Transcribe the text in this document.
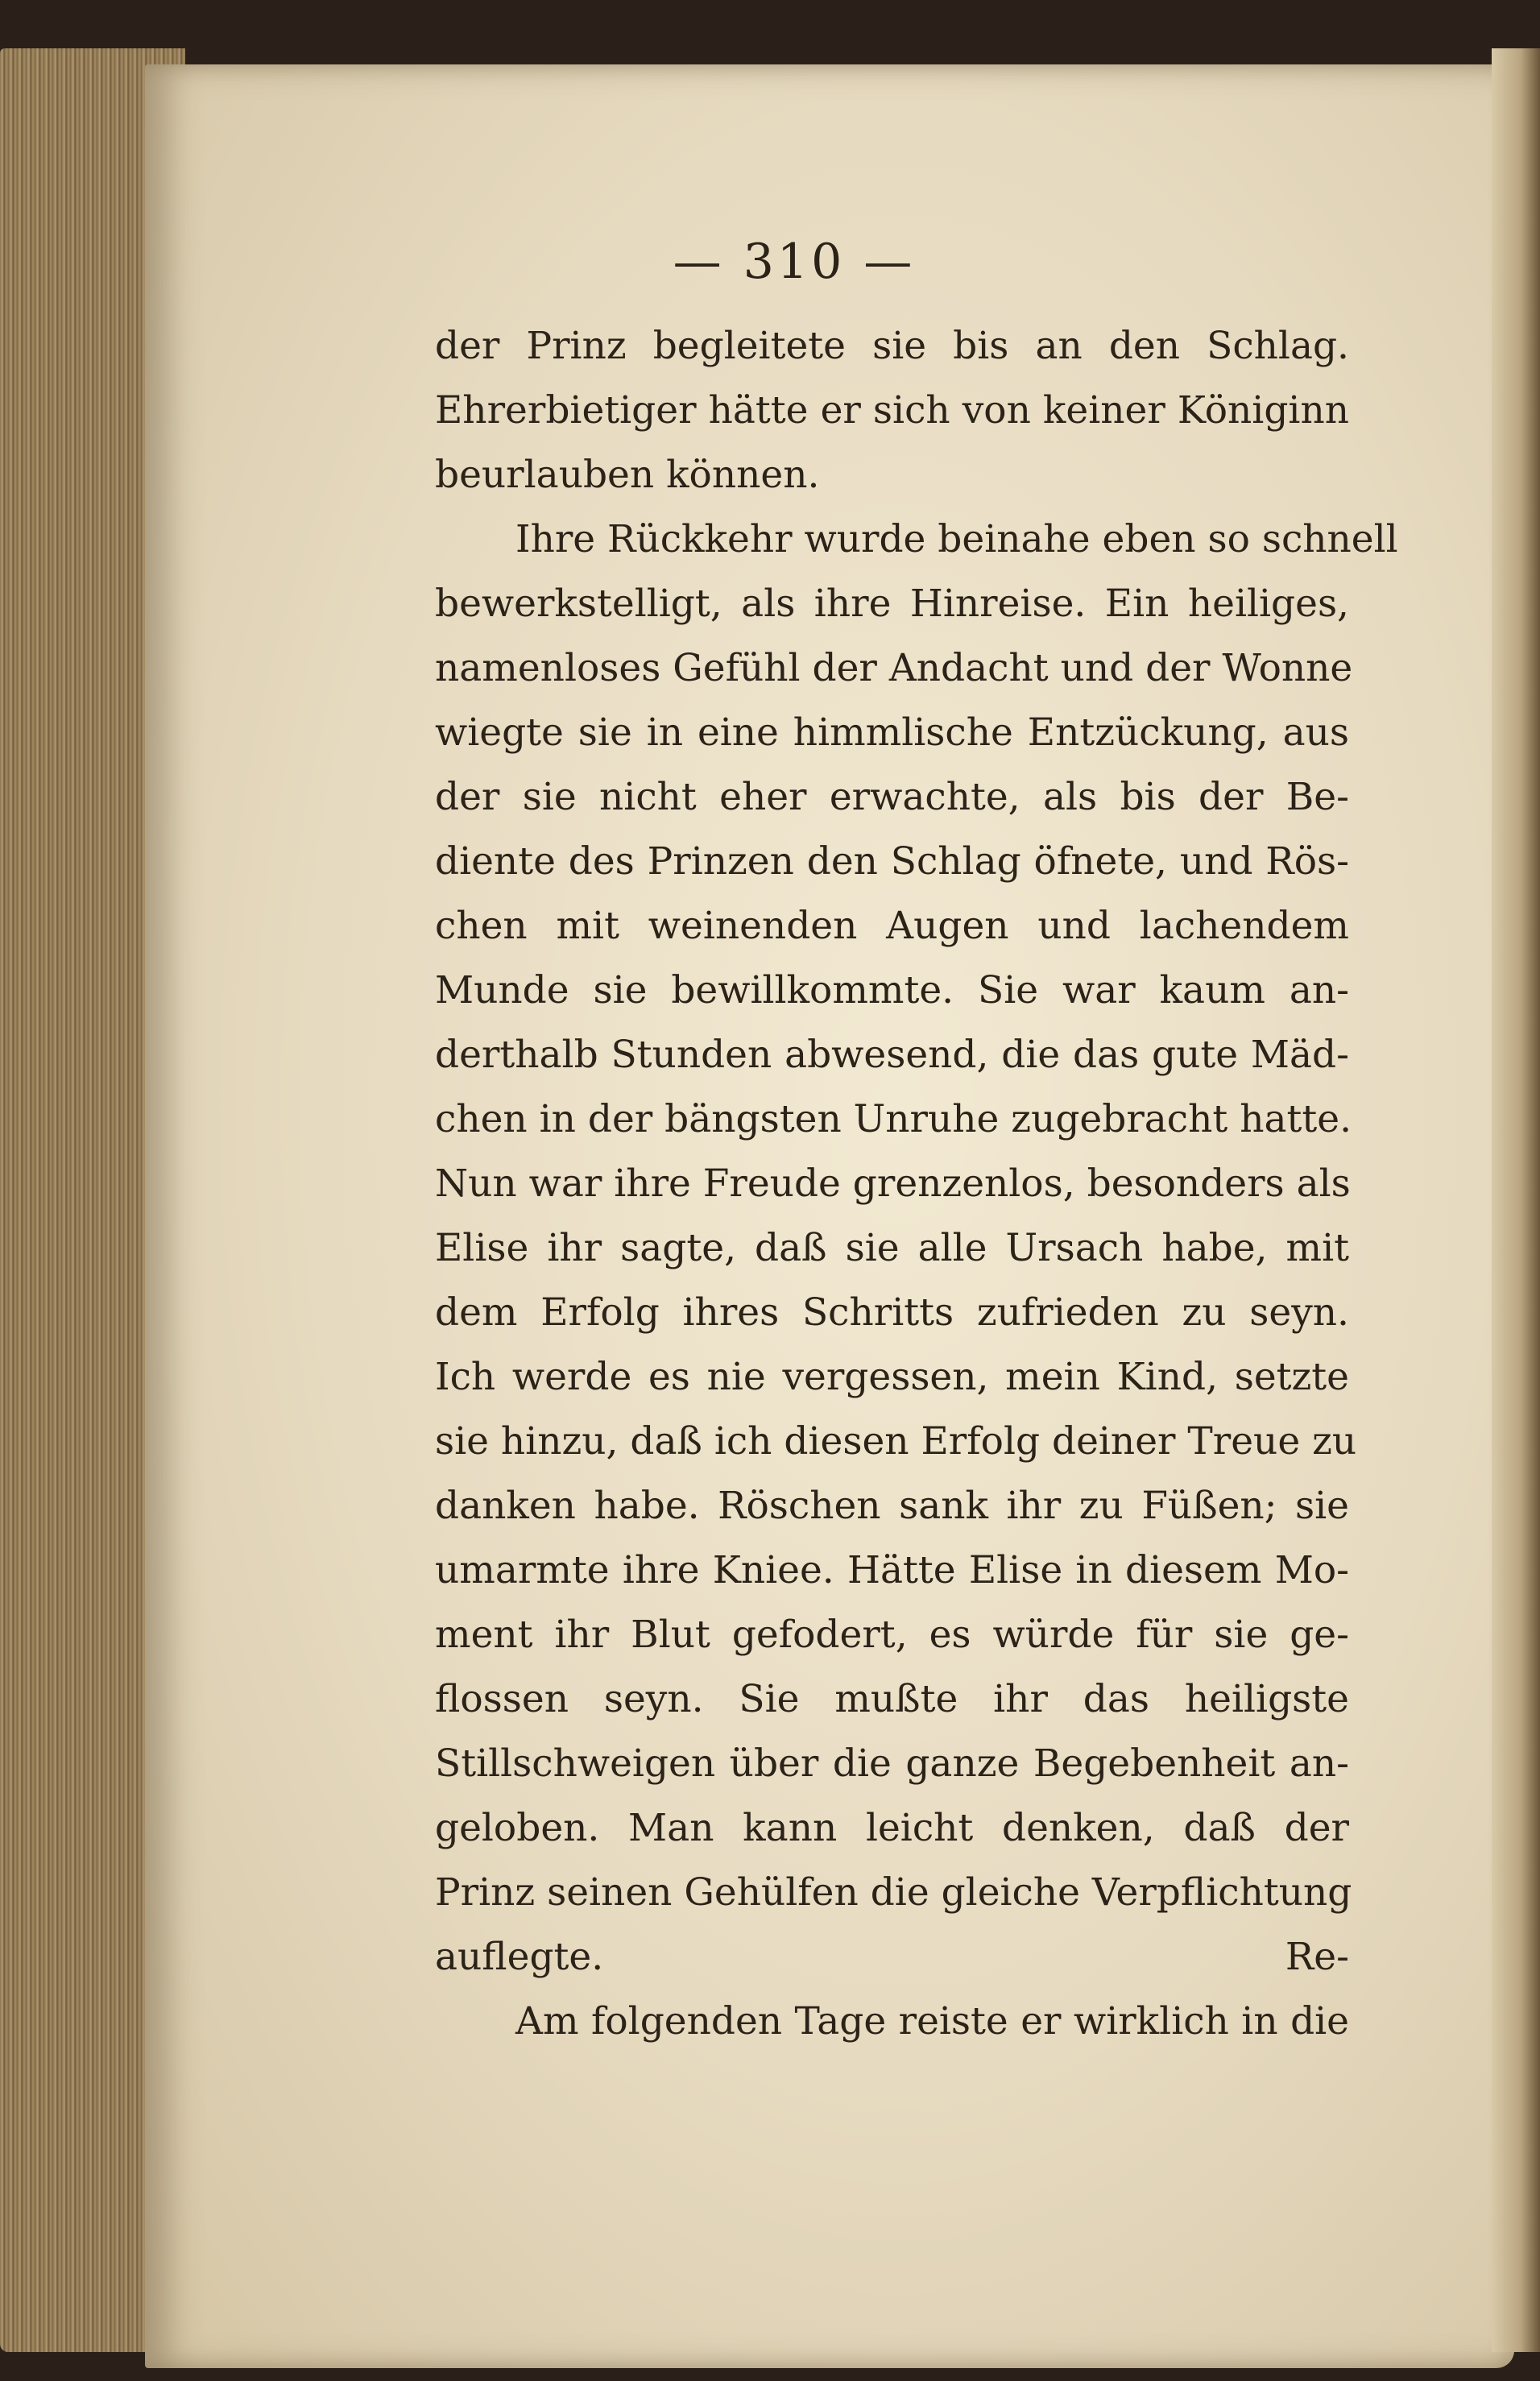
— 310 —
der Prinz begleitete sie bis an den Schlag.
Ehrerbietiger hätte er sich von keiner Königinn
beurlauben können.
Ihre Rückkehr wurde beinahe eben so schnell
bewerkstelligt, als ihre Hinreise. Ein heiliges,
namenloses Gefühl der Andacht und der Wonne
wiegte sie in eine himmlische Entzückung, aus
der sie nicht eher erwachte, als bis der Be-
diente des Prinzen den Schlag öfnete, und Rös-
chen mit weinenden Augen und lachendem
Munde sie bewillkommte. Sie war kaum an-
derthalb Stunden abwesend, die das gute Mäd-
chen in der bängsten Unruhe zugebracht hatte.
Nun war ihre Freude grenzenlos, besonders als
Elise ihr sagte, daß sie alle Ursach habe, mit
dem Erfolg ihres Schritts zufrieden zu seyn.
Ich werde es nie vergessen, mein Kind, setzte
sie hinzu, daß ich diesen Erfolg deiner Treue zu
danken habe. Röschen sank ihr zu Füßen; sie
umarmte ihre Kniee. Hätte Elise in diesem Mo-
ment ihr Blut gefodert, es würde für sie ge-
flossen seyn. Sie mußte ihr das heiligste
Stillschweigen über die ganze Begebenheit an-
geloben. Man kann leicht denken, daß der
Prinz seinen Gehülfen die gleiche Verpflichtung
auflegte.
Am folgenden Tage reiste er wirklich in die
Re-
